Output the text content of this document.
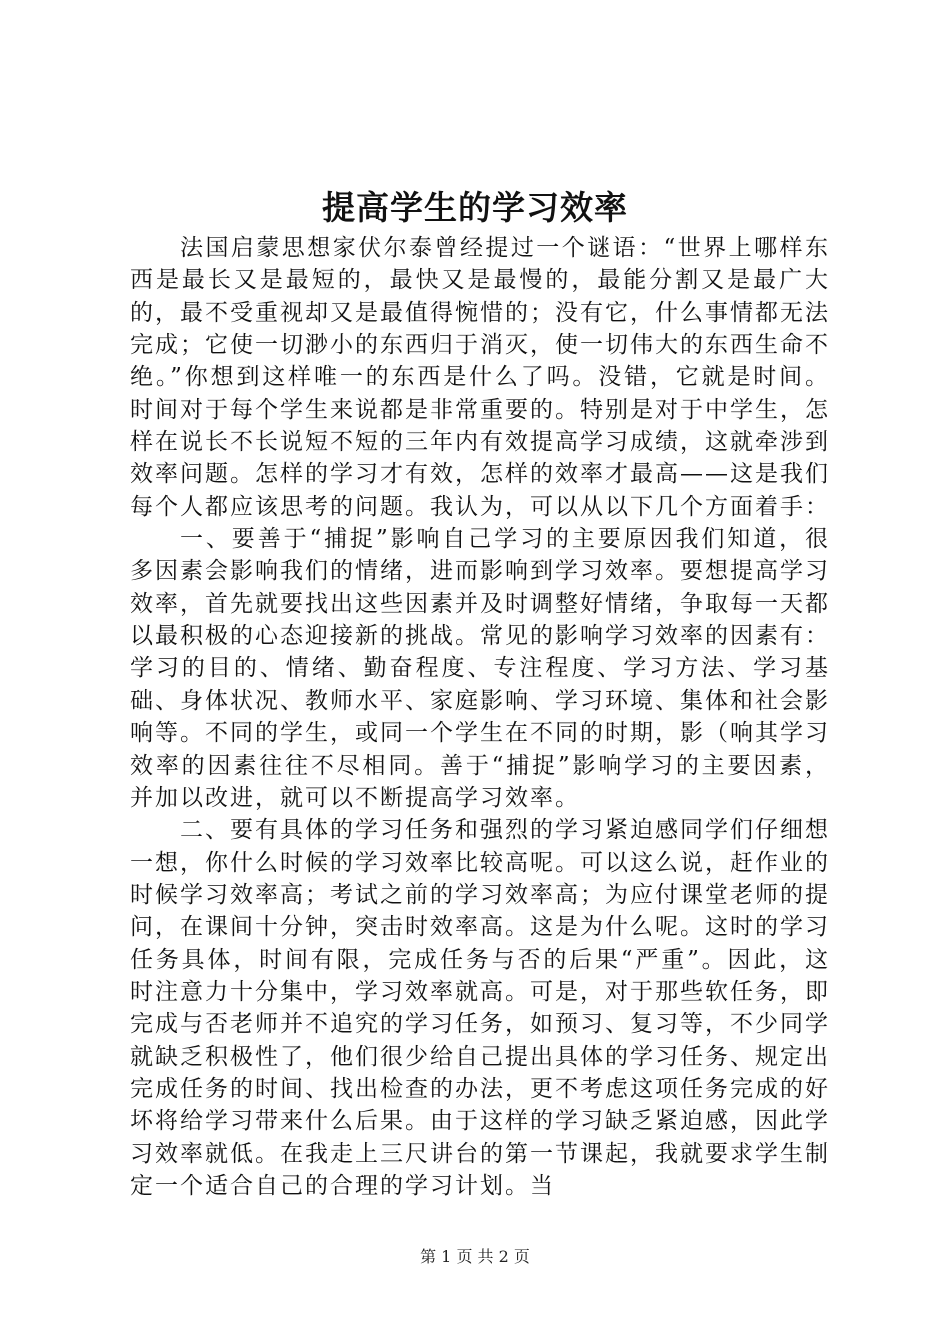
提高学生的学习效率

法国启蒙思想家伏尔泰曾经提过一个谜语：“世界上哪样东西是最长又是最短的，最快又是最慢的，最能分割又是最广大的，最不受重视却又是最值得惋惜的；没有它，什么事情都无法完成；它使一切渺小的东西归于消灭，使一切伟大的东西生命不绝。”你想到这样唯一的东西是什么了吗。没错，它就是时间。时间对于每个学生来说都是非常重要的。特别是对于中学生，怎样在说长不长说短不短的三年内有效提高学习成绩，这就牵涉到效率问题。怎样的学习才有效，怎样的效率才最高——这是我们每个人都应该思考的问题。我认为，可以从以下几个方面着手：

一、要善于“捕捉”影响自己学习的主要原因我们知道，很多因素会影响我们的情绪，进而影响到学习效率。要想提高学习效率，首先就要找出这些因素并及时调整好情绪，争取每一天都以最积极的心态迎接新的挑战。常见的影响学习效率的因素有：学习的目的、情绪、勤奋程度、专注程度、学习方法、学习基础、身体状况、教师水平、家庭影响、学习环境、集体和社会影响等。不同的学生，或同一个学生在不同的时期，影（响其学习效率的因素往往不尽相同。善于“捕捉”影响学习的主要因素，并加以改进，就可以不断提高学习效率。

二、要有具体的学习任务和强烈的学习紧迫感同学们仔细想一想，你什么时候的学习效率比较高呢。可以这么说，赶作业的时候学习效率高；考试之前的学习效率高；为应付课堂老师的提问，在课间十分钟，突击时效率高。这是为什么呢。这时的学习任务具体，时间有限，完成任务与否的后果“严重”。因此，这时注意力十分集中，学习效率就高。可是，对于那些软任务，即完成与否老师并不追究的学习任务，如预习、复习等，不少同学就缺乏积极性了，他们很少给自己提出具体的学习任务、规定出完成任务的时间、找出检查的办法，更不考虑这项任务完成的好坏将给学习带来什么后果。由于这样的学习缺乏紧迫感，因此学习效率就低。在我走上三尺讲台的第一节课起，我就要求学生制定一个适合自己的合理的学习计划。当

第 1 页 共 2 页
